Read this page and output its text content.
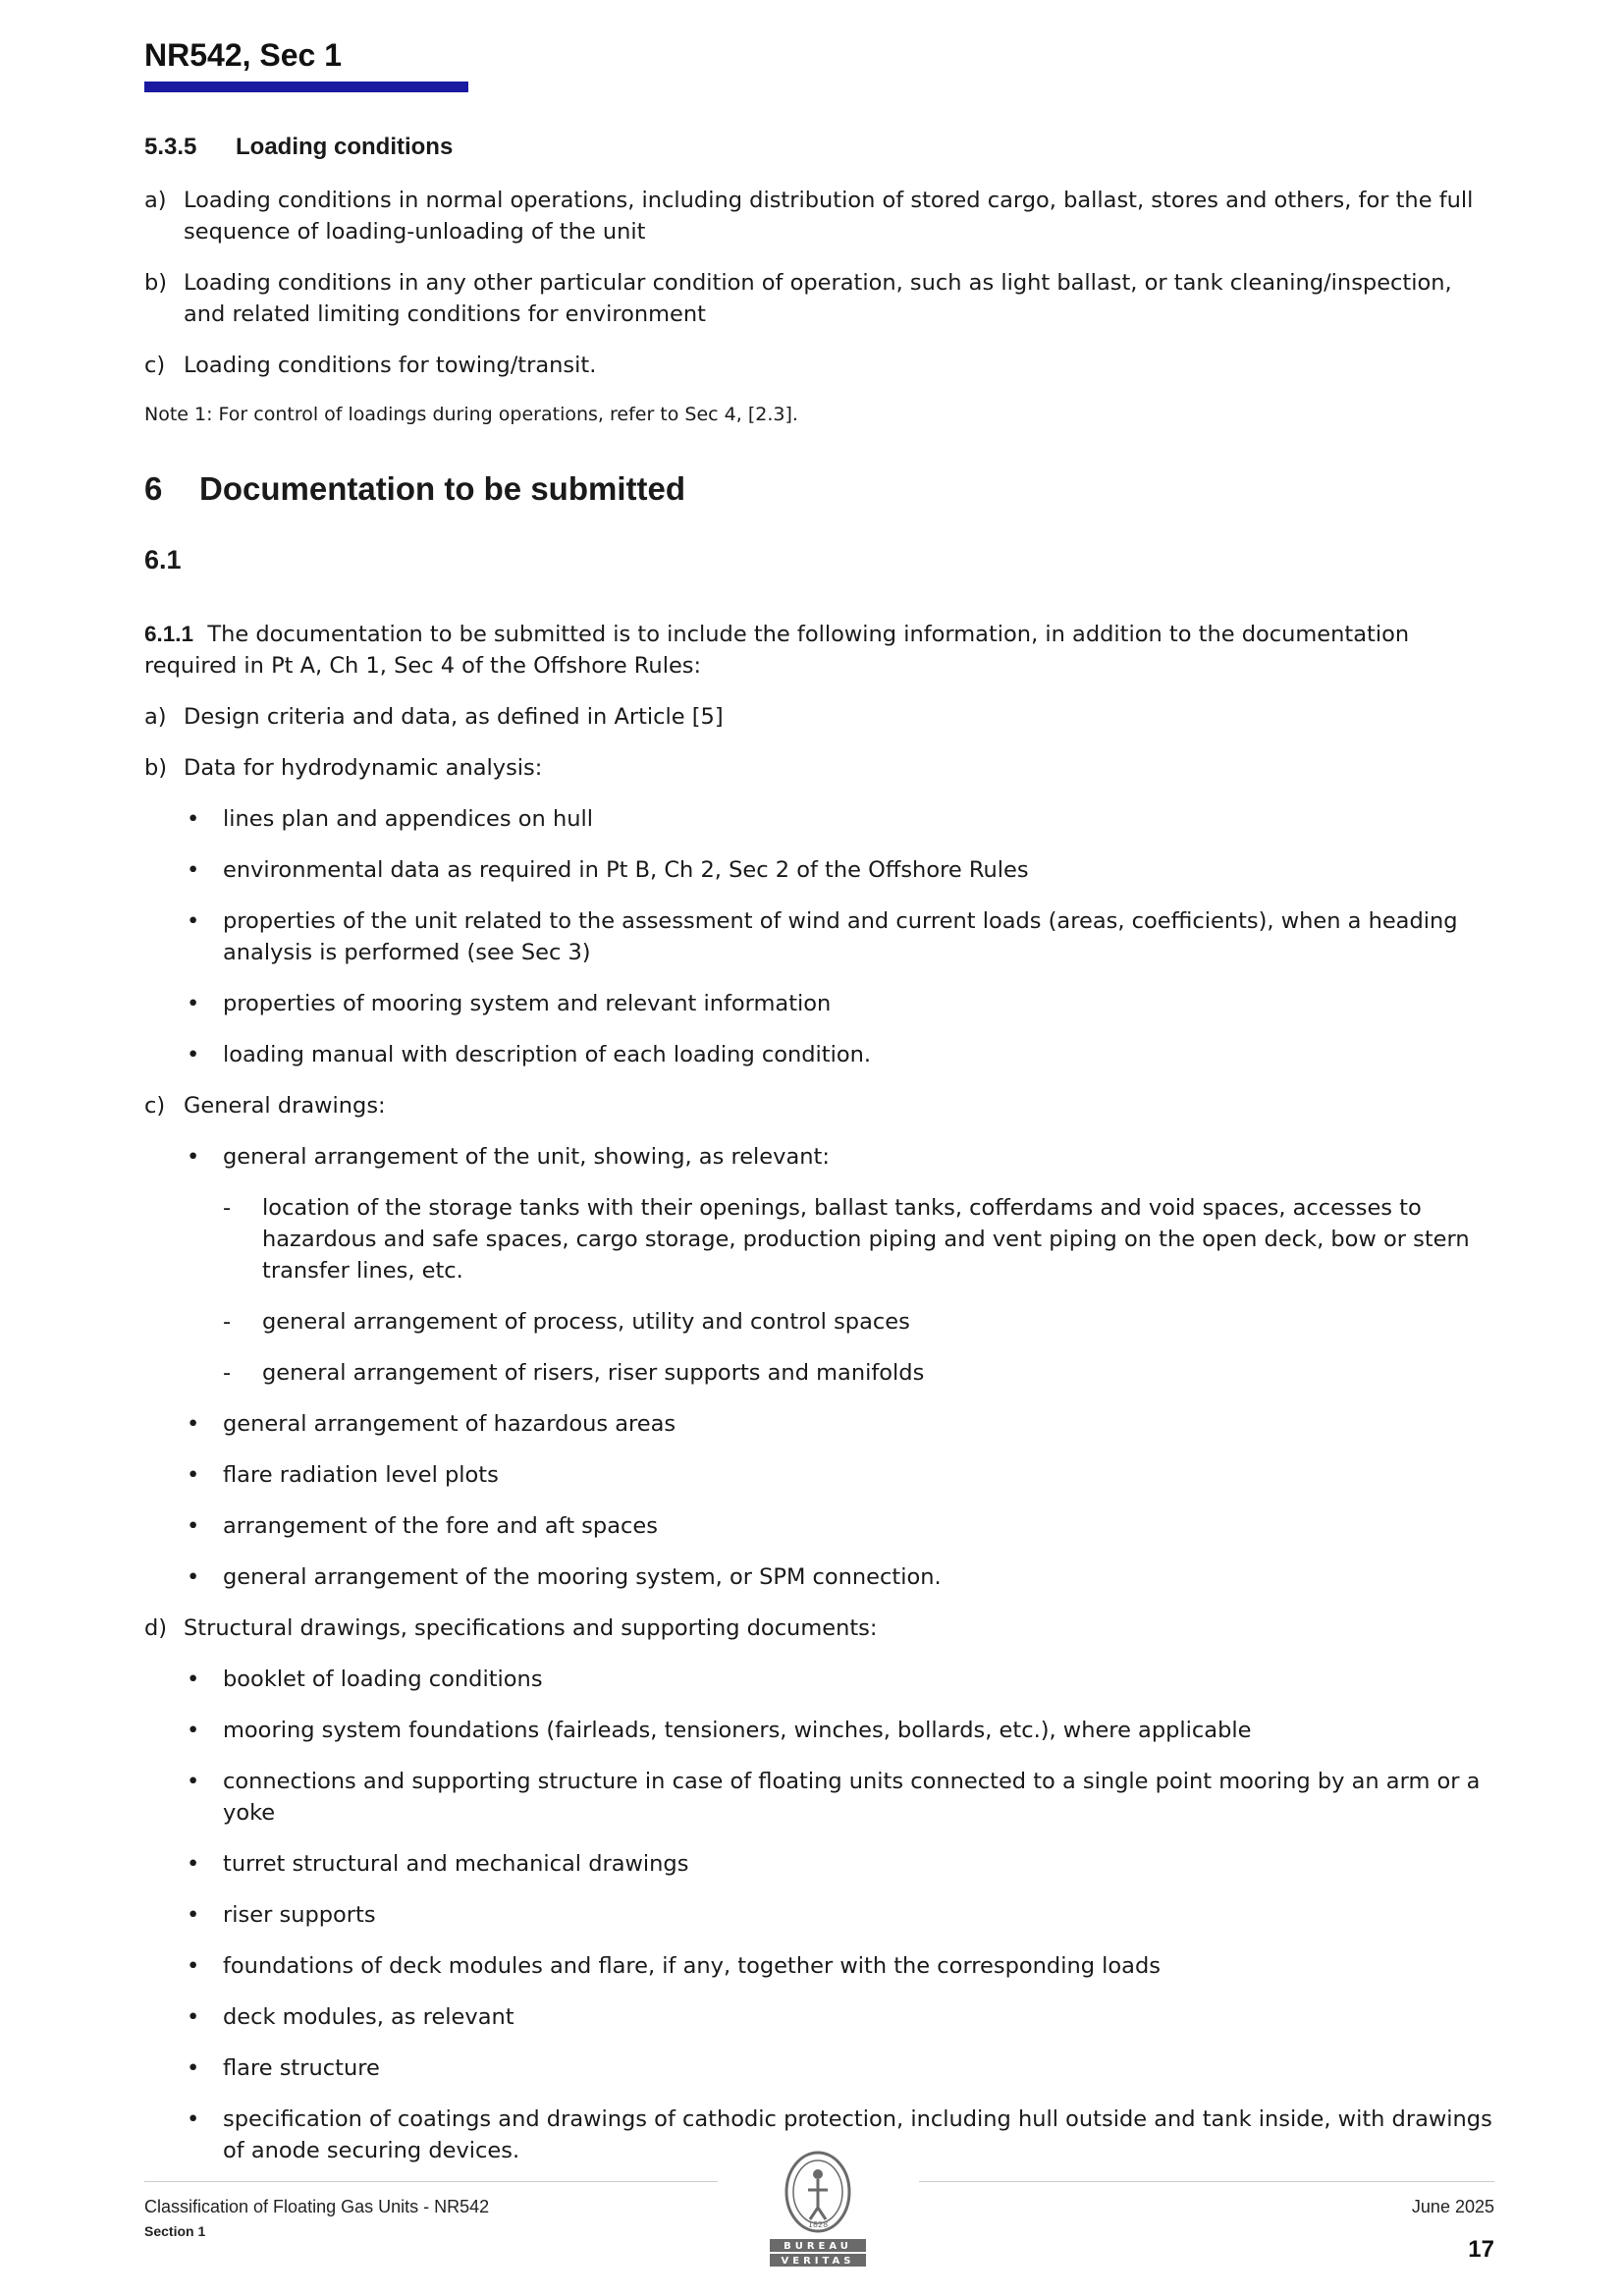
NR542, Sec 1
5.3.5 Loading conditions
a) Loading conditions in normal operations, including distribution of stored cargo, ballast, stores and others, for the full sequence of loading-unloading of the unit
b) Loading conditions in any other particular condition of operation, such as light ballast, or tank cleaning/inspection, and related limiting conditions for environment
c) Loading conditions for towing/transit.
Note 1: For control of loadings during operations, refer to Sec 4, [2.3].
6 Documentation to be submitted
6.1
6.1.1 The documentation to be submitted is to include the following information, in addition to the documentation required in Pt A, Ch 1, Sec 4 of the Offshore Rules:
a) Design criteria and data, as defined in Article [5]
b) Data for hydrodynamic analysis:
•	lines plan and appendices on hull
•	environmental data as required in Pt B, Ch 2, Sec 2 of the Offshore Rules
•	properties of the unit related to the assessment of wind and current loads (areas, coefficients), when a heading analysis is performed (see Sec 3)
•	properties of mooring system and relevant information
•	loading manual with description of each loading condition.
c) General drawings:
•	general arrangement of the unit, showing, as relevant:
-	location of the storage tanks with their openings, ballast tanks, cofferdams and void spaces, accesses to hazardous and safe spaces, cargo storage, production piping and vent piping on the open deck, bow or stern transfer lines, etc.
-	general arrangement of process, utility and control spaces
-	general arrangement of risers, riser supports and manifolds
•	general arrangement of hazardous areas
•	flare radiation level plots
•	arrangement of the fore and aft spaces
•	general arrangement of the mooring system, or SPM connection.
d) Structural drawings, specifications and supporting documents:
•	booklet of loading conditions
•	mooring system foundations (fairleads, tensioners, winches, bollards, etc.), where applicable
•	connections and supporting structure in case of floating units connected to a single point mooring by an arm or a yoke
•	turret structural and mechanical drawings
•	riser supports
•	foundations of deck modules and flare, if any, together with the corresponding loads
•	deck modules, as relevant
•	flare structure
•	specification of coatings and drawings of cathodic protection, including hull outside and tank inside, with drawings of anode securing devices.
Classification of Floating Gas Units - NR542
Section 1
June 2025
17
1828
BUREAU
VERITAS
